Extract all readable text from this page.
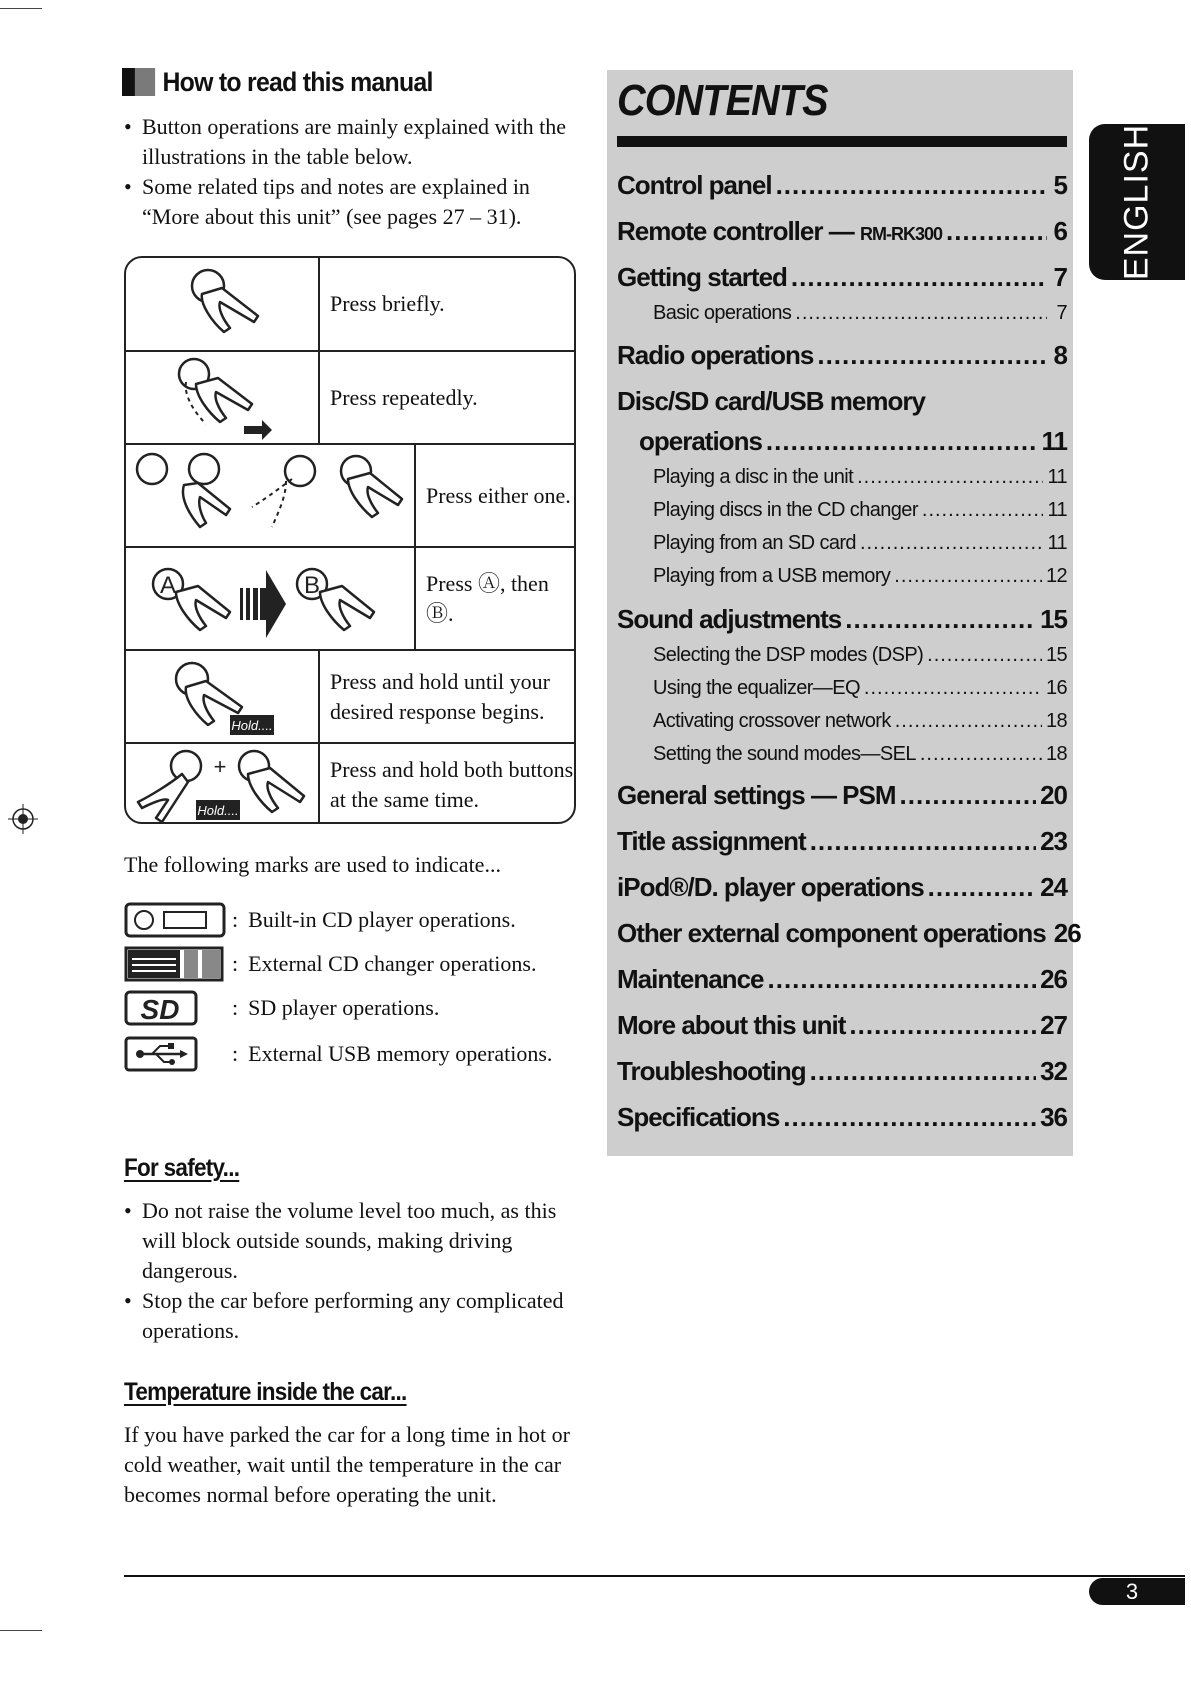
How to read this manual
• Button operations are mainly explained with the illustrations in the table below.
• Some related tips and notes are explained in “More about this unit” (see pages 27 – 31).
Press briefly.
Press repeatedly.
Press either one.
A	B	Press Ⓐ, then Ⓑ.
Hold....
Press and hold until your desired response begins.
+
Hold....
Press and hold both buttons at the same time.
The following marks are used to indicate...
: Built-in CD player operations.
: External CD changer operations.
SD : SD player operations.
: External USB memory operations.
For safety...
• Do not raise the volume level too much, as this will block outside sounds, making driving dangerous.
• Stop the car before performing any complicated operations.
Temperature inside the car...

If you have parked the car for a long time in hot or cold weather, wait until the temperature in the car becomes normal before operating the unit.

CONTENTS
Control panel .....	5
Remote controller —
RM-RK300 .....	6
Getting started .....	7
Basic operations .....	7
Radio operations .....	8
Disc/SD card/USB memory
operations .....	11
Playing a disc in the unit .....	11
Playing discs in the CD changer .....	11
Playing from an SD card .....	11
Playing from a USB memory .....	12
Sound adjustments .....	15
Selecting the DSP modes (DSP) .....	15
Using the equalizer—EQ .....	16
Activating crossover network .....	18
Setting the sound modes—SEL .....	18
General settings — PSM .....	20
Title assignment .....	23
iPod®/D. player operations .....	24
Other external component operations 26
Maintenance .....	26
More about this unit .....	27
Troubleshooting .....	32
Specifications .....	36
ENGLISH
3
